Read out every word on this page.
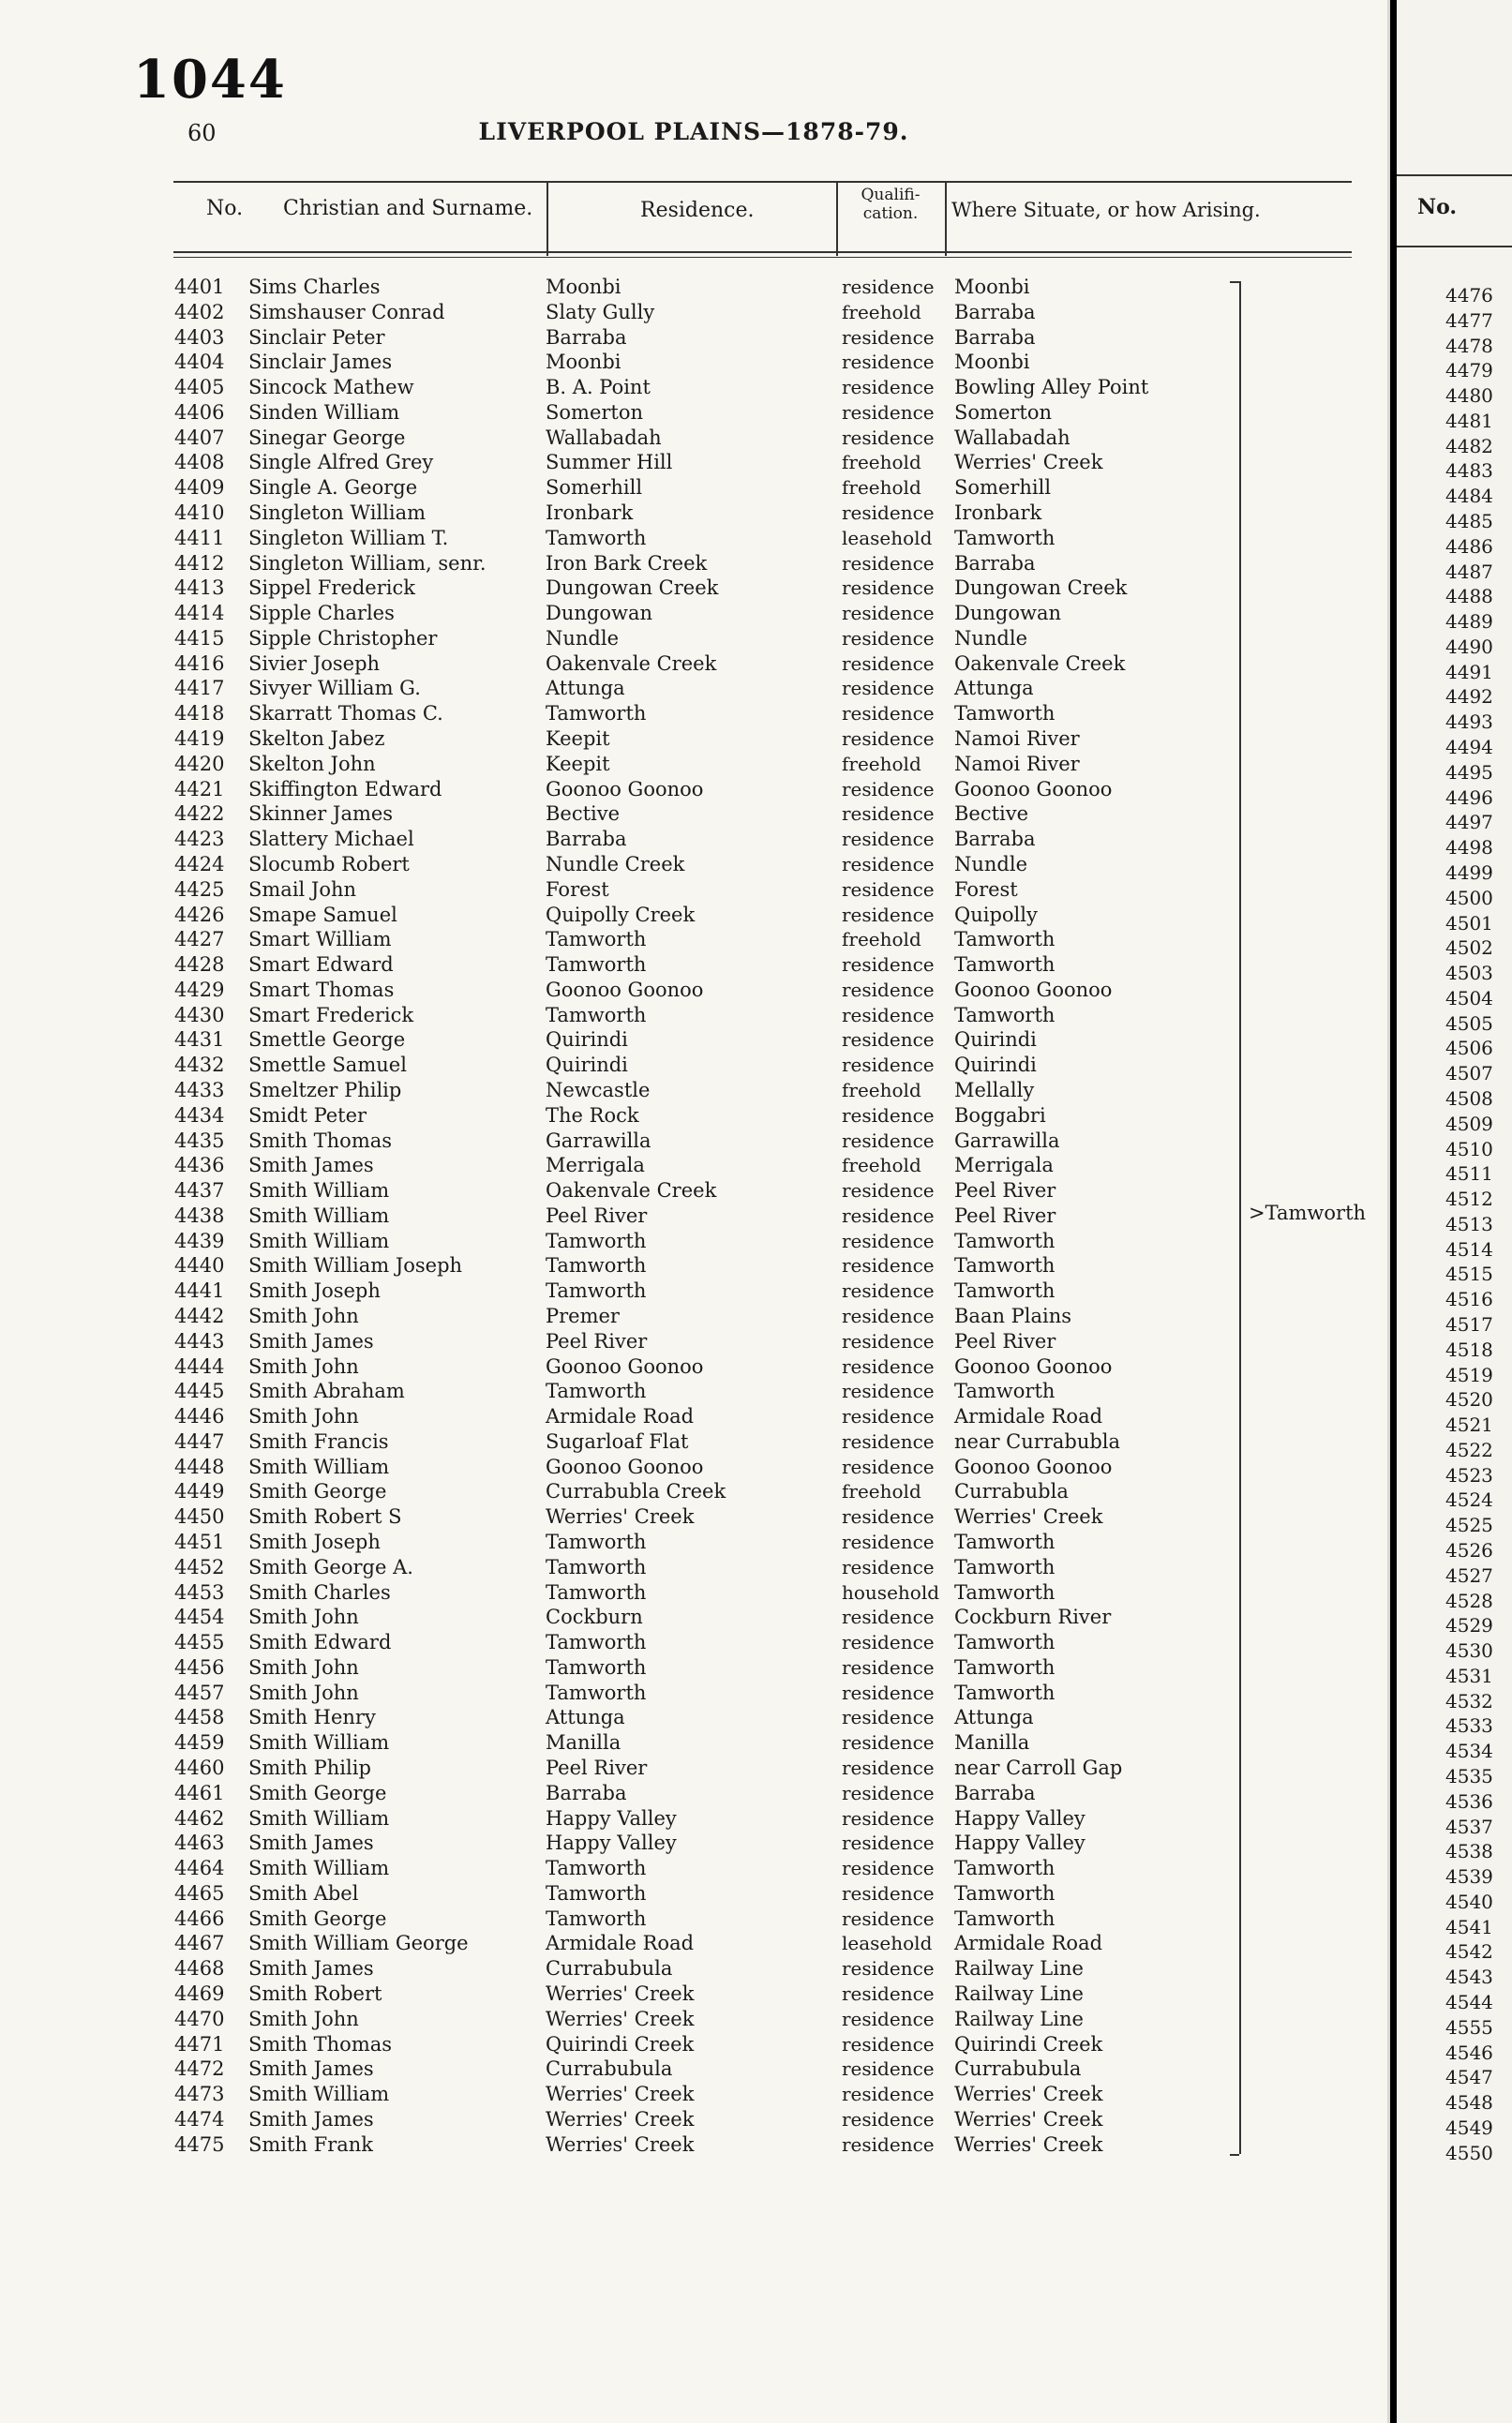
1044
60	LIVERPOOL PLAINS—1878-79.
No. Christian and Surname.	Residence.
Qualifi-cation.	Where Situate, or how Arising.
4401 Sims Charles	Moonbi	residence Moonbi
4402 Simshauser Conrad	Slaty Gully	freehold Barraba
4403 Sinclair Peter	Barraba	residence Barraba
4404 Sinclair James	Moonbi	residence Moonbi
4405 Sincock Mathew	B. A. Point	residence Bowling Alley Point
4406 Sinden William	Somerton	residence Somerton
4407 Sinegar George	Wallabadah	residence Wallabadah
4408 Single Alfred Grey	Summer Hill	freehold Werries' Creek
4409 Single A. George	Somerhill	freehold Somerhill
4410 Singleton William	Ironbark	residence Ironbark
4411 Singleton William T.	Tamworth	leasehold Tamworth
4412 Singleton William, senr.	Iron Bark Creek	residence Barraba
4413 Sippel Frederick	Dungowan Creek	residence Dungowan Creek
4414 Sipple Charles	Dungowan	residence Dungowan
4415 Sipple Christopher	Nundle	residence Nundle
4416 Sivier Joseph	Oakenvale Creek	residence Oakenvale Creek
4417 Sivyer William G.	Attunga	residence Attunga
4418 Skarratt Thomas C.	Tamworth	residence Tamworth
4419 Skelton Jabez	Keepit	residence Namoi River
4420 Skelton John	Keepit	freehold Namoi River
4421 Skiffington Edward	Goonoo Goonoo	residence Goonoo Goonoo
4422 Skinner James	Bective	residence Bective
4423 Slattery Michael	Barraba	residence Barraba
4424 Slocumb Robert	Nundle Creek	residence Nundle
4425 Smail John	Forest	residence Forest
4426 Smape Samuel	Quipolly Creek	residence Quipolly
4427 Smart William	Tamworth	freehold Tamworth
4428 Smart Edward	Tamworth	residence Tamworth
4429 Smart Thomas	Goonoo Goonoo	residence Goonoo Goonoo
4430 Smart Frederick	Tamworth	residence Tamworth
4431 Smettle George	Quirindi	residence Quirindi
4432 Smettle Samuel	Quirindi	residence Quirindi
4433 Smeltzer Philip	Newcastle	freehold Mellally
4434 Smidt Peter	The Rock	residence Boggabri
4435 Smith Thomas	Garrawilla	residence Garrawilla
4436 Smith James	Merrigala	freehold Merrigala
4437 Smith William	Oakenvale Creek	residence Peel River
4438 Smith William	Peel River	residence Peel River
4439 Smith William	Tamworth	residence Tamworth
4440 Smith William Joseph	Tamworth	residence Tamworth
4441 Smith Joseph	Tamworth	residence Tamworth
4442 Smith John	Premer	residence Baan Plains
4443 Smith James	Peel River	residence Peel River
4444 Smith John	Goonoo Goonoo	residence Goonoo Goonoo
4445 Smith Abraham	Tamworth	residence Tamworth
4446 Smith John	Armidale Road	residence Armidale Road
4447 Smith Francis	Sugarloaf Flat	residence near Currabubla
4448 Smith William	Goonoo Goonoo	residence Goonoo Goonoo
4449 Smith George	Currabubla Creek	freehold Currabubla
4450 Smith Robert S	Werries' Creek	residence Werries' Creek
4451 Smith Joseph	Tamworth	residence Tamworth
4452 Smith George A.	Tamworth	residence Tamworth
4453 Smith Charles	Tamworth	household Tamworth
4454 Smith John	Cockburn	residence Cockburn River
4455 Smith Edward	Tamworth	residence Tamworth
4456 Smith John	Tamworth	residence Tamworth
4457 Smith John	Tamworth	residence Tamworth
4458 Smith Henry	Attunga	residence Attunga
4459 Smith William	Manilla	residence Manilla
4460 Smith Philip	Peel River	residence near Carroll Gap
4461 Smith George	Barraba	residence Barraba
4462 Smith William	Happy Valley	residence Happy Valley
4463 Smith James	Happy Valley	residence Happy Valley
4464 Smith William	Tamworth	residence Tamworth
4465 Smith Abel	Tamworth	residence Tamworth
4466 Smith George	Tamworth	residence Tamworth
4467 Smith William George	Armidale Road	leasehold Armidale Road
4468 Smith James	Currabubula	residence Railway Line
4469 Smith Robert	Werries' Creek	residence Railway Line
4470 Smith John	Werries' Creek	residence Railway Line
4471 Smith Thomas	Quirindi Creek	residence Quirindi Creek
4472 Smith James	Currabubula	residence Currabubula
4473 Smith William	Werries' Creek	residence Werries' Creek
4474 Smith James	Werries' Creek	residence Werries' Creek
4475 Smith Frank	Werries' Creek	residence Werries' Creek
>Tamworth
No.
4476
4477
4478
4479
4480
4481
4482
4483
4484
4485
4486
4487
4488
4489
4490
4491
4492
4493
4494
4495
4496
4497
4498
4499
4500
4501
4502
4503
4504
4505
4506
4507
4508
4509
4510
4511
4512
4513
4514
4515
4516
4517
4518
4519
4520
4521
4522
4523
4524
4525
4526
4527
4528
4529
4530
4531
4532
4533
4534
4535
4536
4537
4538
4539
4540
4541
4542
4543
4544
4555
4546
4547
4548
4549
4550
